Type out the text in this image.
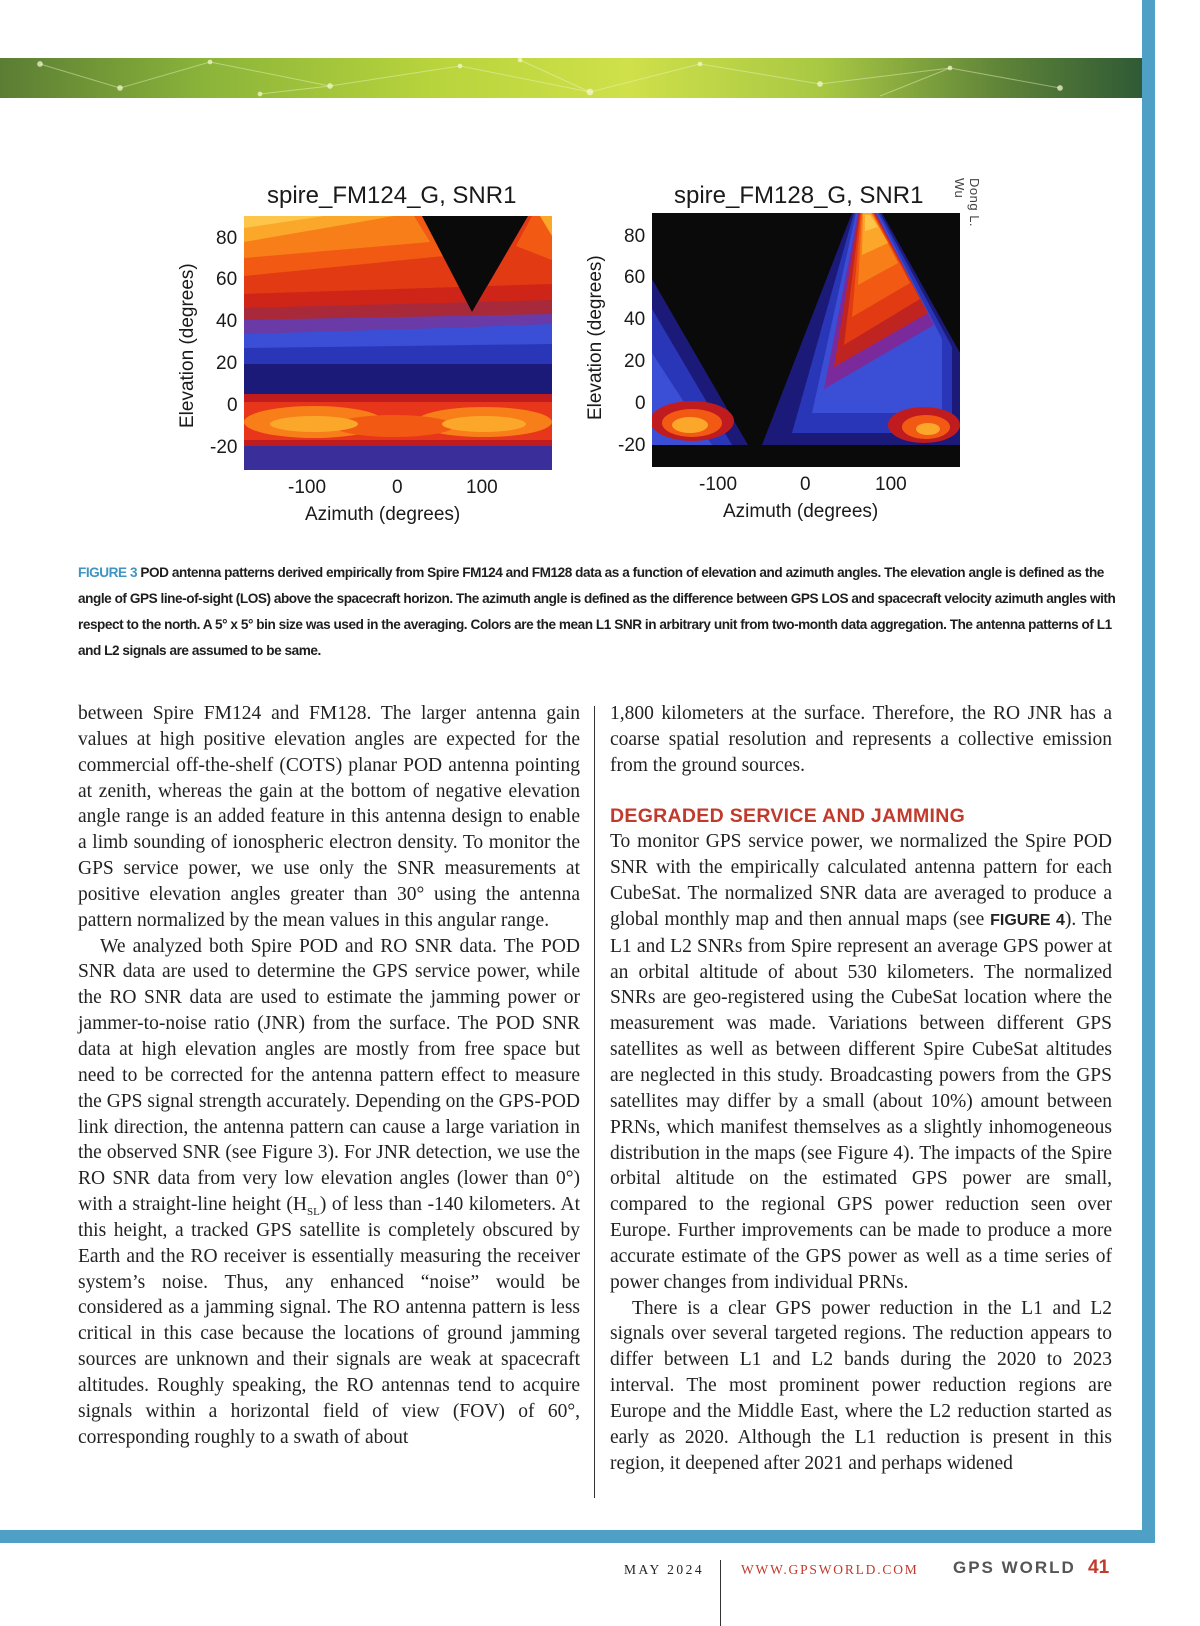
Dong L. Wu
spire_FM124_G, SNR1
Elevation (degrees)
80
60
40
20
0
-20
-100	0	100
Azimuth (degrees)
spire_FM128_G, SNR1
Elevation (degrees)
80
60
40
20
0
-20
-100	0	100
Azimuth (degrees)
FIGURE 3 POD antenna patterns derived empirically from Spire FM124 and FM128 data as a function of elevation and azimuth angles. The elevation angle is defined as the angle of GPS line-of-sight (LOS) above the spacecraft horizon. The azimuth angle is defined as the difference between GPS LOS and spacecraft velocity azimuth angles with respect to the north. A 5° x 5° bin size was used in the averaging. Colors are the mean L1 SNR in arbitrary unit from two-month data aggregation. The antenna patterns of L1 and L2 signals are assumed to be same.

between Spire FM124 and FM128. The larger antenna gain values at high positive elevation angles are expected for the commercial off-the-shelf (COTS) planar POD antenna pointing at zenith, whereas the gain at the bottom of negative elevation angle range is an added feature in this antenna design to enable a limb sounding of ionospheric electron density. To monitor the GPS service power, we use only the SNR measurements at positive elevation angles greater than 30° using the antenna pattern normalized by the mean values in this angular range.

We analyzed both Spire POD and RO SNR data. The POD SNR data are used to determine the GPS service power, while the RO SNR data are used to estimate the jamming power or jammer-to-noise ratio (JNR) from the surface. The POD SNR data at high elevation angles are mostly from free space but need to be corrected for the antenna pattern effect to measure the GPS signal strength accurately. Depending on the GPS-POD link direction, the antenna pattern can cause a large variation in the observed SNR (see Figure 3). For JNR detection, we use the RO SNR data from very low elevation angles (lower than 0°) with a straight-line height $(H_{SL})$ of less than -140 kilometers. At this height, a tracked GPS satellite is completely obscured by Earth and the RO receiver is essentially measuring the receiver system’s noise. Thus, any enhanced “noise” would be considered as a jamming signal. The RO antenna pattern is less critical in this case because the locations of ground jamming sources are unknown and their signals are weak at spacecraft altitudes. Roughly speaking, the RO antennas tend to acquire signals within a horizontal field of view (FOV) of 60°, corresponding roughly to a swath of about

1,800 kilometers at the surface. Therefore, the RO JNR has a coarse spatial resolution and represents a collective emission from the ground sources.

DEGRADED SERVICE AND JAMMING

To monitor GPS service power, we normalized the Spire POD SNR with the empirically calculated antenna pattern for each CubeSat. The normalized SNR data are averaged to produce a global monthly map and then annual maps (see FIGURE 4). The L1 and L2 SNRs from Spire represent an average GPS power at an orbital altitude of about 530 kilometers. The normalized SNRs are geo-registered using the CubeSat location where the measurement was made. Variations between different GPS satellites as well as between different Spire CubeSat altitudes are neglected in this study. Broadcasting powers from the GPS satellites may differ by a small (about 10%) amount between PRNs, which manifest themselves as a slightly inhomogeneous distribution in the maps (see Figure 4). The impacts of the Spire orbital altitude on the estimated GPS power are small, compared to the regional GPS power reduction seen over Europe. Further improvements can be made to produce a more accurate estimate of the GPS power as well as a time series of power changes from individual PRNs.

There is a clear GPS power reduction in the L1 and L2 signals over several targeted regions. The reduction appears to differ between L1 and L2 bands during the 2020 to 2023 interval. The most prominent power reduction regions are Europe and the Middle East, where the L2 reduction started as early as 2020. Although the L1 reduction is present in this region, it deepened after 2021 and perhaps widened

MAY 2024	WWW.GPSWORLD.COM GPS WORLD 41
